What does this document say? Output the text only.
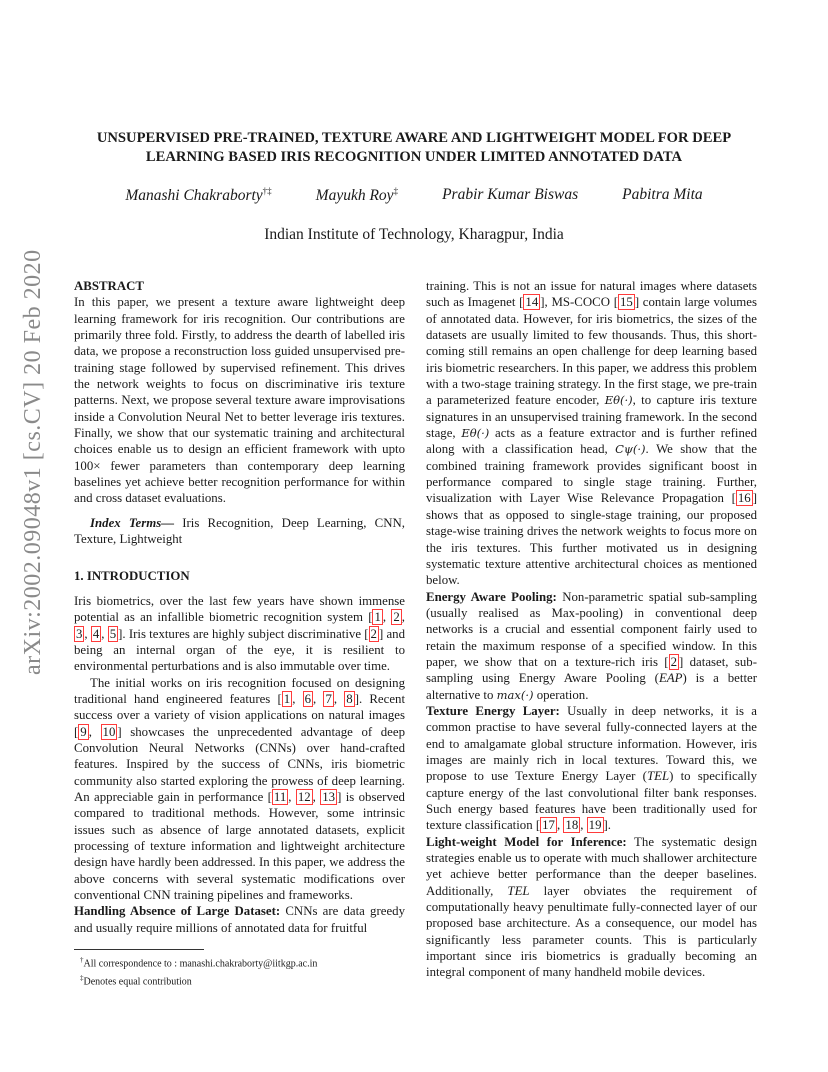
arXiv:2002.09048v1 [cs.CV] 20 Feb 2020
UNSUPERVISED PRE-TRAINED, TEXTURE AWARE AND LIGHTWEIGHT MODEL FOR DEEP LEARNING BASED IRIS RECOGNITION UNDER LIMITED ANNOTATED DATA
Manashi Chakraborty†‡	Mayukh Roy‡	Prabir Kumar Biswas	Pabitra Mita
Indian Institute of Technology, Kharagpur, India

ABSTRACT

In this paper, we present a texture aware lightweight deep learning framework for iris recognition. Our contributions are primarily three fold. Firstly, to address the dearth of labelled iris data, we propose a reconstruction loss guided unsupervised pre-training stage followed by supervised refinement. This drives the network weights to focus on discriminative iris texture patterns. Next, we propose several texture aware improvisations inside a Convolution Neural Net to better leverage iris textures. Finally, we show that our systematic training and architectural choices enable us to design an efficient framework with upto 100× fewer parameters than contemporary deep learning baselines yet achieve better recognition performance for within and cross dataset evaluations.

Index Terms— Iris Recognition, Deep Learning, CNN, Texture, Lightweight

1. INTRODUCTION

Iris biometrics, over the last few years have shown immense potential as an infallible biometric recognition system [ 1 , 2 , 3 , 4 , 5 ]. Iris textures are highly subject discriminative [ 2 ] and being an internal organ of the eye, it is resilient to environmental perturbations and is also immutable over time.

The initial works on iris recognition focused on designing traditional hand engineered features [ 1 , 6 , 7 , 8 ]. Recent success over a variety of vision applications on natural images [ 9 , 10 ] showcases the unprecedented advantage of deep Convolution Neural Networks (CNNs) over hand-crafted features. Inspired by the success of CNNs, iris biometric community also started exploring the prowess of deep learning. An appreciable gain in performance [ 11 , 12 , 13 ] is observed compared to traditional methods. However, some intrinsic issues such as absence of large annotated datasets, explicit processing of texture information and lightweight architecture design have hardly been addressed. In this paper, we address the above concerns with several systematic modifications over conventional CNN training pipelines and frameworks.

Handling Absence of Large Dataset: CNNs are data greedy and usually require millions of annotated data for fruitful

training. This is not an issue for natural images where datasets such as Imagenet [ 14 ], MS-COCO [ 15 ] contain large volumes of annotated data. However, for iris biometrics, the sizes of the datasets are usually limited to few thousands. Thus, this short-coming still remains an open challenge for deep learning based iris biometric researchers. In this paper, we address this problem with a two-stage training strategy. In the first stage, we pre-train a parameterized feature encoder, Eθ(·), to capture iris texture signatures in an unsupervised training framework. In the second stage, Eθ(·) acts as a feature extractor and is further refined along with a classification head, Cψ(·). We show that the combined training framework provides significant boost in performance compared to single stage training. Further, visualization with Layer Wise Relevance Propagation [ 16 ] shows that as opposed to single-stage training, our proposed stage-wise training drives the network weights to focus more on the iris textures. This further motivated us in designing systematic texture attentive architectural choices as mentioned below.

Energy Aware Pooling: Non-parametric spatial sub-sampling (usually realised as Max-pooling) in conventional deep networks is a crucial and essential component fairly used to retain the maximum response of a specified window. In this paper, we show that on a texture-rich iris [ 2 ] dataset, sub-sampling using Energy Aware Pooling (EAP) is a better alternative to max(·) operation.

Texture Energy Layer: Usually in deep networks, it is a common practise to have several fully-connected layers at the end to amalgamate global structure information. However, iris images are mainly rich in local textures. Toward this, we propose to use Texture Energy Layer (TEL) to specifically capture energy of the last convolutional filter bank responses. Such energy based features have been traditionally used for texture classification [ 17 , 18 , 19 ].

Light-weight Model for Inference: The systematic design strategies enable us to operate with much shallower architecture yet achieve better performance than the deeper baselines. Additionally, TEL layer obviates the requirement of computationally heavy penultimate fully-connected layer of our proposed base architecture. As a consequence, our model has significantly less parameter counts. This is particularly important since iris biometrics is gradually becoming an integral component of many handheld mobile devices.

†All correspondence to : manashi.chakraborty@iitkgp.ac.in
‡Denotes equal contribution
